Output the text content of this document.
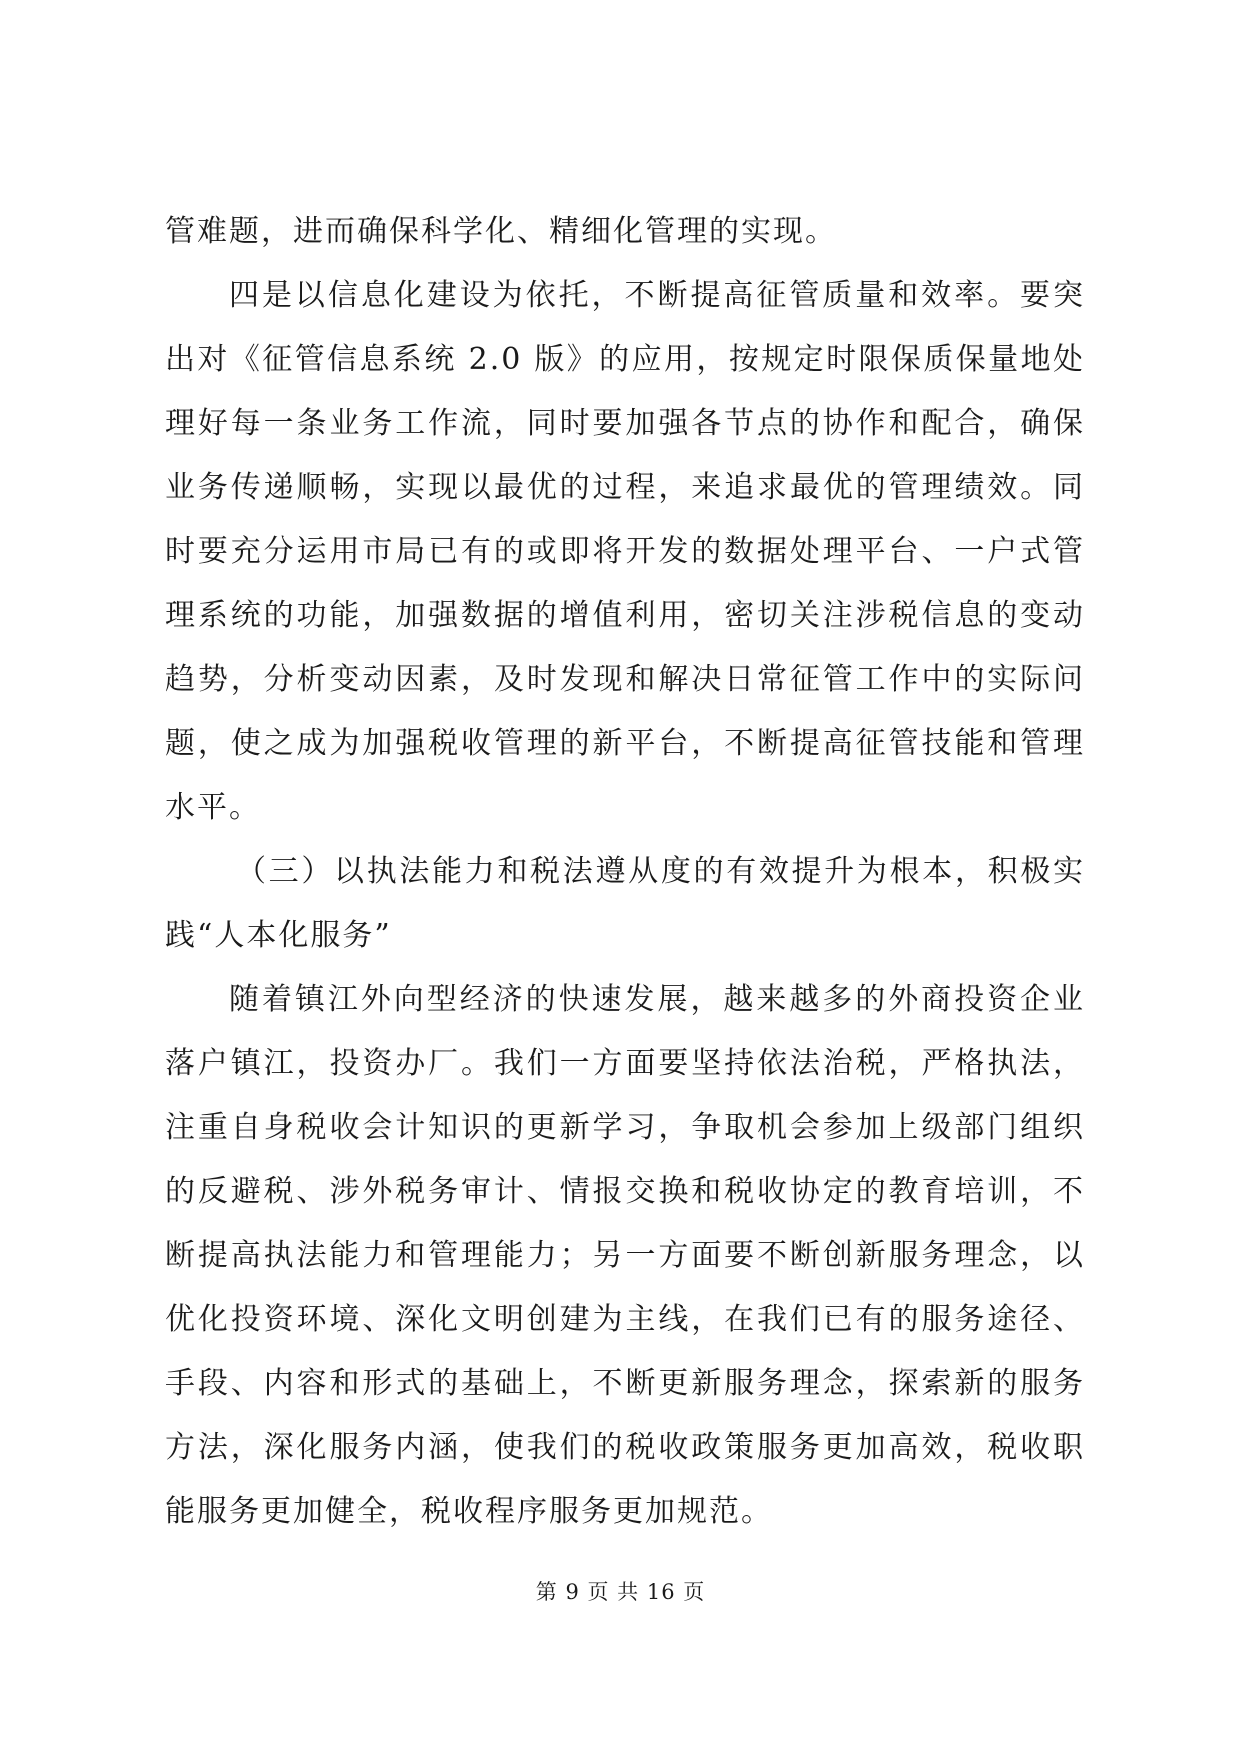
管难题，进而确保科学化、精细化管理的实现。
四是以信息化建设为依托，不断提高征管质量和效率。要突
出对《征管信息系统 2.0 版》的应用，按规定时限保质保量地处
理好每一条业务工作流，同时要加强各节点的协作和配合，确保
业务传递顺畅，实现以最优的过程，来追求最优的管理绩效。同
时要充分运用市局已有的或即将开发的数据处理平台、一户式管
理系统的功能，加强数据的增值利用，密切关注涉税信息的变动
趋势，分析变动因素，及时发现和解决日常征管工作中的实际问
题，使之成为加强税收管理的新平台，不断提高征管技能和管理
水平。
（三）以执法能力和税法遵从度的有效提升为根本，积极实
践“人本化服务”
随着镇江外向型经济的快速发展，越来越多的外商投资企业
落户镇江，投资办厂。我们一方面要坚持依法治税，严格执法，
注重自身税收会计知识的更新学习，争取机会参加上级部门组织
的反避税、涉外税务审计、情报交换和税收协定的教育培训，不
断提高执法能力和管理能力；另一方面要不断创新服务理念，以
优化投资环境、深化文明创建为主线，在我们已有的服务途径、
手段、内容和形式的基础上，不断更新服务理念，探索新的服务
方法，深化服务内涵，使我们的税收政策服务更加高效，税收职
能服务更加健全，税收程序服务更加规范。
第 9 页 共 16 页
